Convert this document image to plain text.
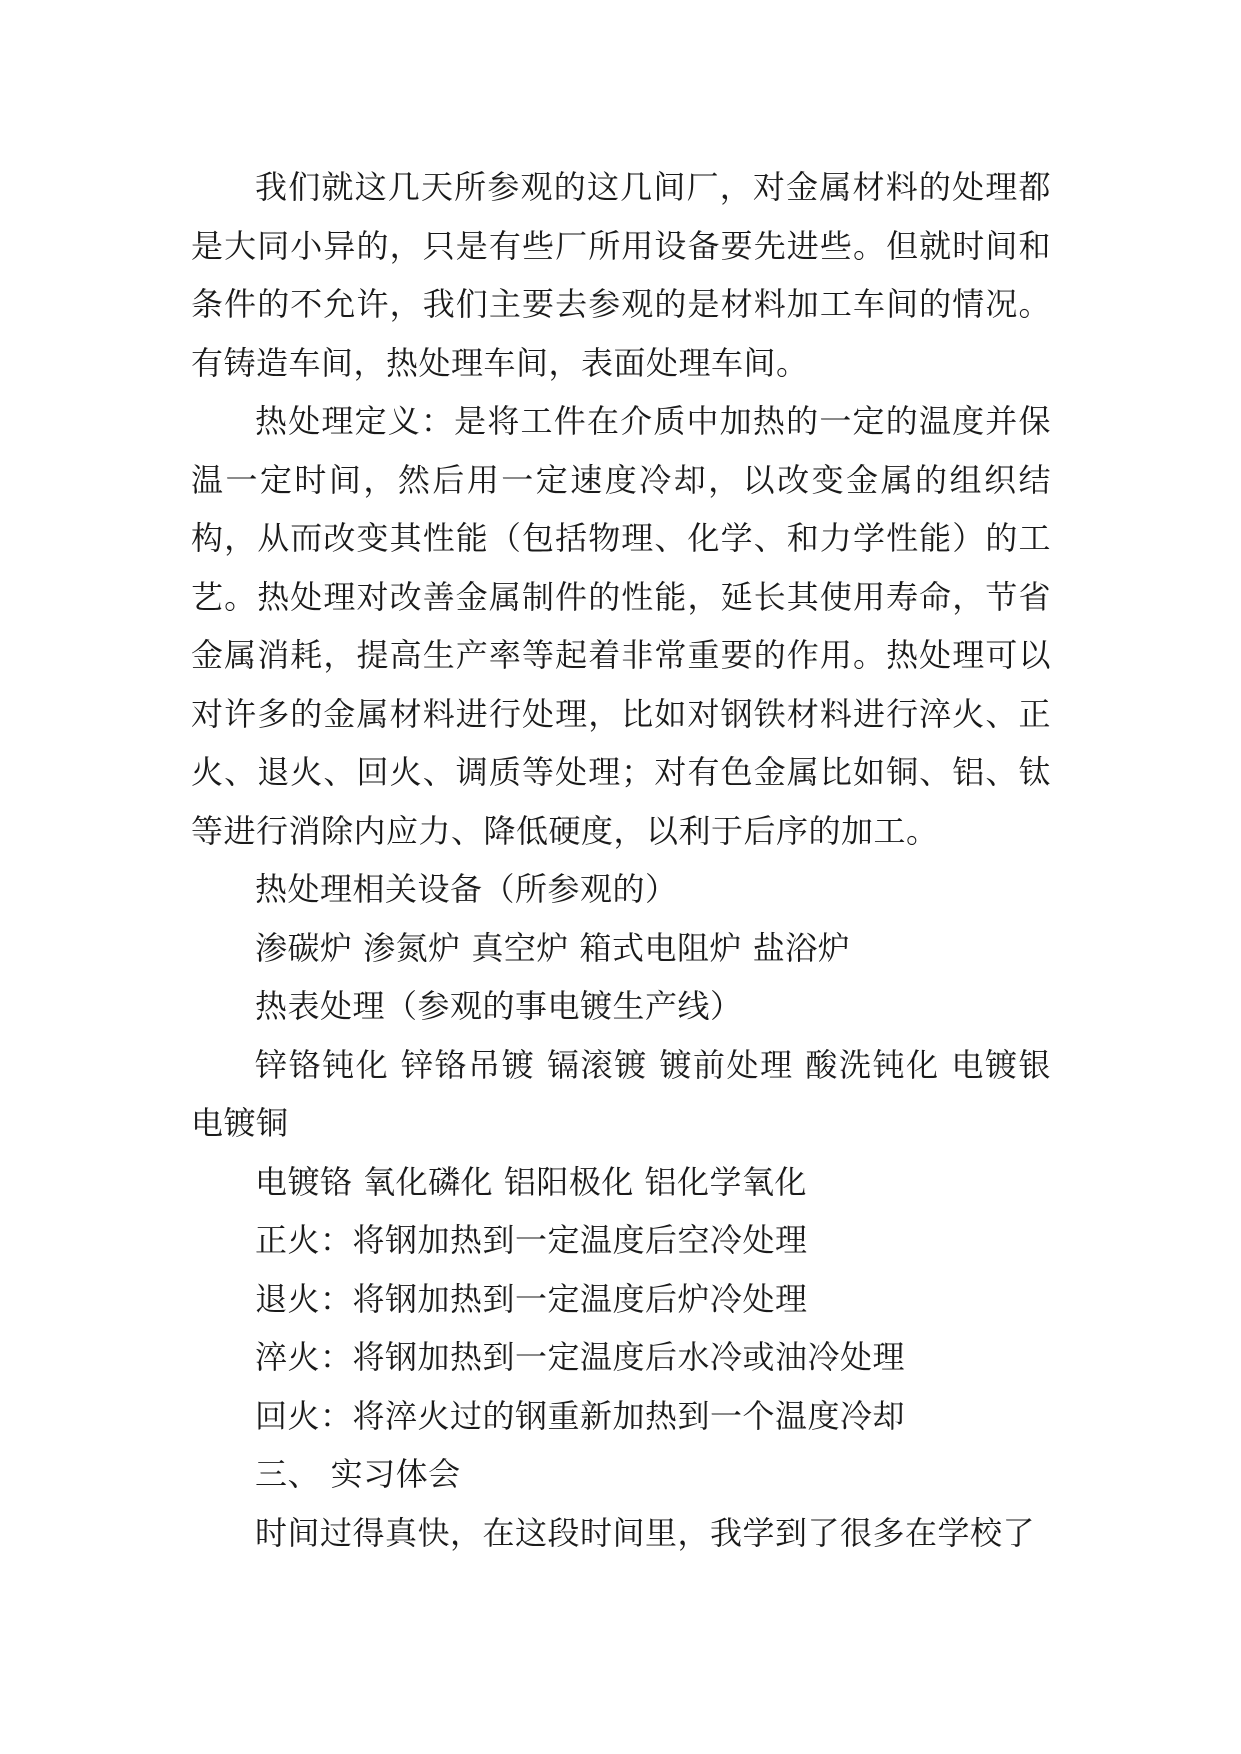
我们就这几天所参观的这几间厂，对金属材料的处理都是大同小异的，只是有些厂所用设备要先进些。但就时间和条件的不允许，我们主要去参观的是材料加工车间的情况。有铸造车间，热处理车间，表面处理车间。

热处理定义：是将工件在介质中加热的一定的温度并保温一定时间，然后用一定速度冷却，以改变金属的组织结构，从而改变其性能（包括物理、化学、和力学性能）的工艺。热处理对改善金属制件的性能，延长其使用寿命，节省金属消耗，提高生产率等起着非常重要的作用。热处理可以对许多的金属材料进行处理，比如对钢铁材料进行淬火、正火、退火、回火、调质等处理；对有色金属比如铜、铝、钛等进行消除内应力、降低硬度，以利于后序的加工。

热处理相关设备（所参观的）

渗碳炉 渗氮炉 真空炉 箱式电阻炉 盐浴炉

热表处理（参观的事电镀生产线）

锌铬钝化 锌铬吊镀 镉滚镀 镀前处理 酸洗钝化 电镀银 电镀铜

电镀铬 氧化磷化 铝阳极化 铝化学氧化

正火：将钢加热到一定温度后空冷处理

退火：将钢加热到一定温度后炉冷处理

淬火：将钢加热到一定温度后水冷或油冷处理

回火：将淬火过的钢重新加热到一个温度冷却

三、 实习体会

时间过得真快，在这段时间里，我学到了很多在学校了
